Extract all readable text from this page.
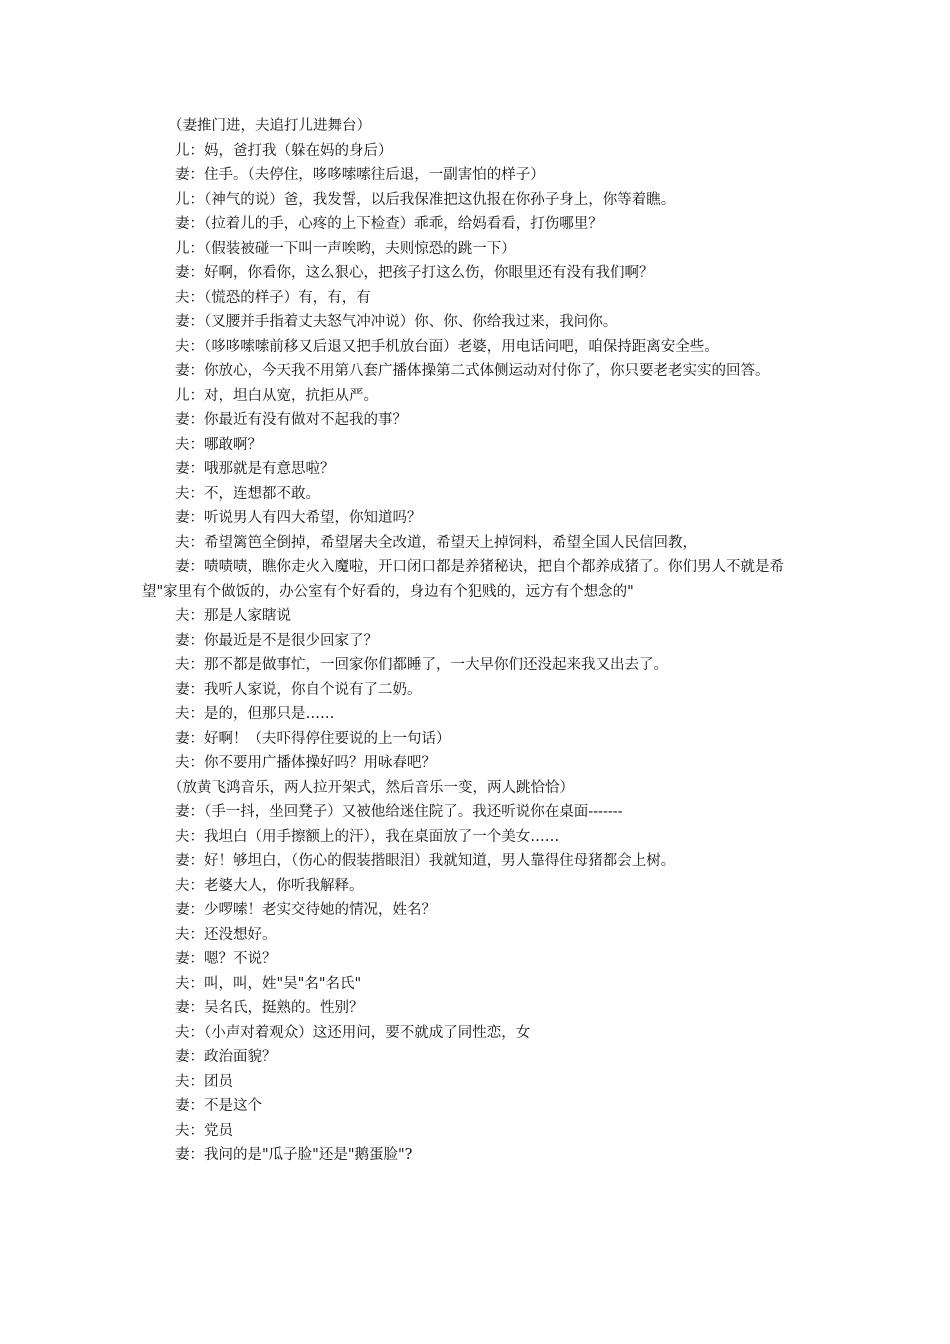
（妻推门进，夫追打儿进舞台）

儿：妈，爸打我（躲在妈的身后）

妻：住手。（夫停住，哆哆嗦嗦往后退，一副害怕的样子）

儿：（神气的说）爸，我发誓，以后我保准把这仇报在你孙子身上，你等着瞧。

妻：（拉着儿的手，心疼的上下检查）乖乖，给妈看看，打伤哪里？

儿：（假装被碰一下叫一声唉哟，夫则惊恐的跳一下）

妻：好啊，你看你，这么狠心，把孩子打这么伤，你眼里还有没有我们啊？

夫：（慌恐的样子）有，有，有

妻：（叉腰并手指着丈夫怒气冲冲说）你、你、你给我过来，我问你。

夫：（哆哆嗦嗦前移又后退又把手机放台面）老婆，用电话问吧，咱保持距离安全些。

妻：你放心，今天我不用第八套广播体操第二式体侧运动对付你了，你只要老老实实的回答。

儿：对，坦白从宽，抗拒从严。

妻：你最近有没有做对不起我的事？

夫：哪敢啊？

妻：哦那就是有意思啦？

夫：不，连想都不敢。

妻：听说男人有四大希望，你知道吗？

夫：希望篱笆全倒掉，希望屠夫全改道，希望天上掉饲料，希望全国人民信回教，

妻：啧啧啧，瞧你走火入魔啦，开口闭口都是养猪秘诀，把自个都养成猪了。你们男人不就是希望"家里有个做饭的，办公室有个好看的，身边有个犯贱的，远方有个想念的"

夫：那是人家瞎说

妻：你最近是不是很少回家了？

夫：那不都是做事忙，一回家你们都睡了，一大早你们还没起来我又出去了。

妻：我听人家说，你自个说有了二奶。

夫：是的，但那只是……

妻：好啊！（夫吓得停住要说的上一句话）

夫：你不要用广播体操好吗？用咏春吧？

（放黄飞鸿音乐，两人拉开架式，然后音乐一变，两人跳恰恰）

妻：（手一抖，坐回凳子）又被他给迷住院了。我还听说你在桌面-------

夫：我坦白（用手擦额上的汗），我在桌面放了一个美女……

妻：好！够坦白，（伤心的假装揩眼泪）我就知道，男人靠得住母猪都会上树。

夫：老婆大人，你听我解释。

妻：少啰嗦！老实交待她的情况，姓名？

夫：还没想好。

妻：嗯？不说？

夫：叫，叫，姓"吴"名"名氏"

妻：吴名氏，挺熟的。性别？

夫：（小声对着观众）这还用问，要不就成了同性恋，女

妻：政治面貌？

夫：团员

妻：不是这个

夫：党员

妻：我问的是"瓜子脸"还是"鹅蛋脸"?
